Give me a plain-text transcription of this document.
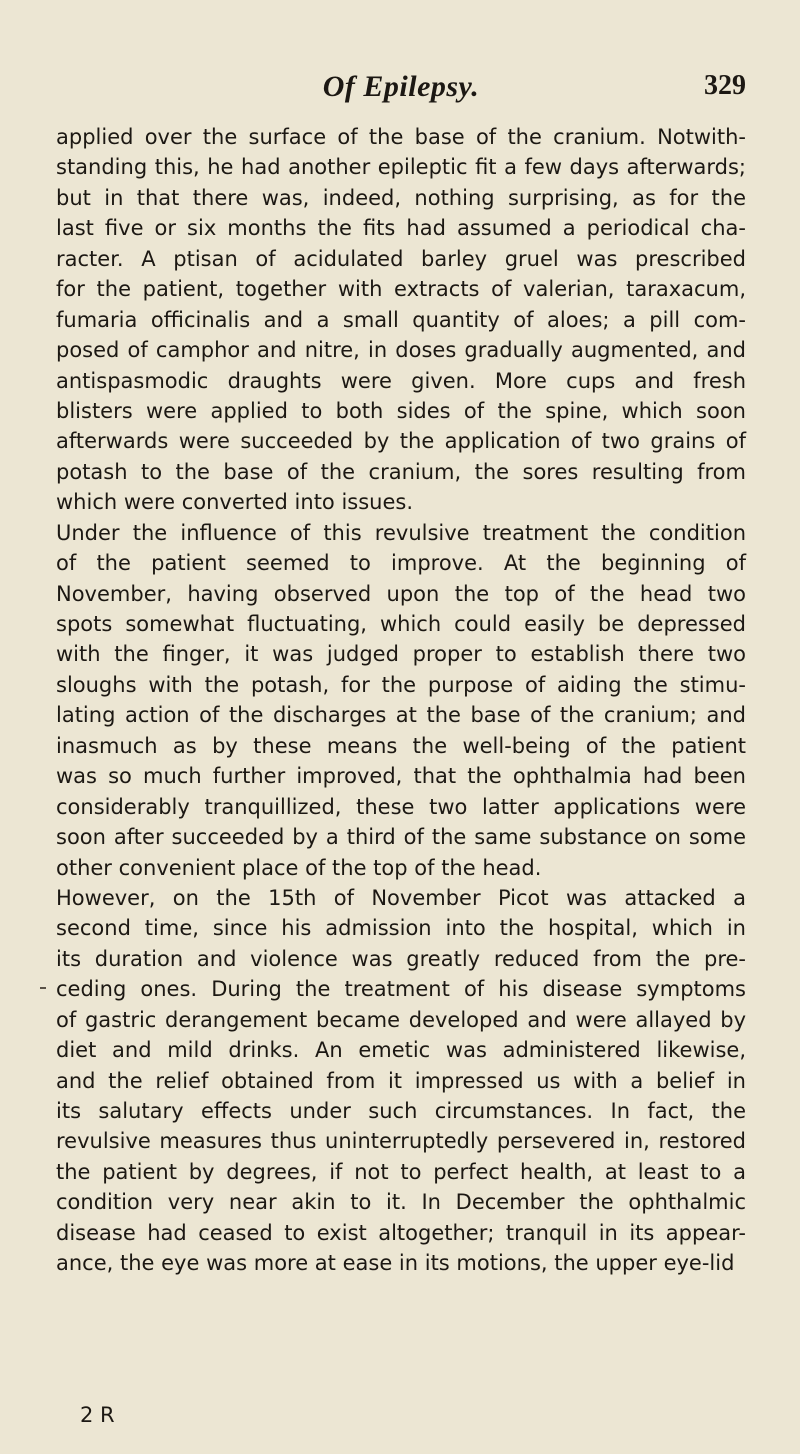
Of Epilepsy.	329
applied over the surface of the base of the cranium. Notwith-
standing this, he had another epileptic fit a few days afterwards;
but in that there was, indeed, nothing surprising, as for the
last five or six months the fits had assumed a periodical cha-
racter. A ptisan of acidulated barley gruel was prescribed
for the patient, together with extracts of valerian, taraxacum,
fumaria officinalis and a small quantity of aloes; a pill com-
posed of camphor and nitre, in doses gradually augmented, and
antispasmodic draughts were given. More cups and fresh
blisters were applied to both sides of the spine, which soon
afterwards were succeeded by the application of two grains of
potash to the base of the cranium, the sores resulting from
which were converted into issues.
Under the influence of this revulsive treatment the condition
of the patient seemed to improve. At the beginning of
November, having observed upon the top of the head two
spots somewhat fluctuating, which could easily be depressed
with the finger, it was judged proper to establish there two
sloughs with the potash, for the purpose of aiding the stimu-
lating action of the discharges at the base of the cranium; and
inasmuch as by these means the well-being of the patient
was so much further improved, that the ophthalmia had been
considerably tranquillized, these two latter applications were
soon after succeeded by a third of the same substance on some
other convenient place of the top of the head.
However, on the 15th of November Picot was attacked a
second time, since his admission into the hospital, which in
its duration and violence was greatly reduced from the pre-
ceding ones. During the treatment of his disease symptoms
of gastric derangement became developed and were allayed by
diet and mild drinks. An emetic was administered likewise,
and the relief obtained from it impressed us with a belief in
its salutary effects under such circumstances. In fact, the
revulsive measures thus uninterruptedly persevered in, restored
the patient by degrees, if not to perfect health, at least to a
condition very near akin to it. In December the ophthalmic
disease had ceased to exist altogether; tranquil in its appear-
ance, the eye was more at ease in its motions, the upper eye-lid
2 R
